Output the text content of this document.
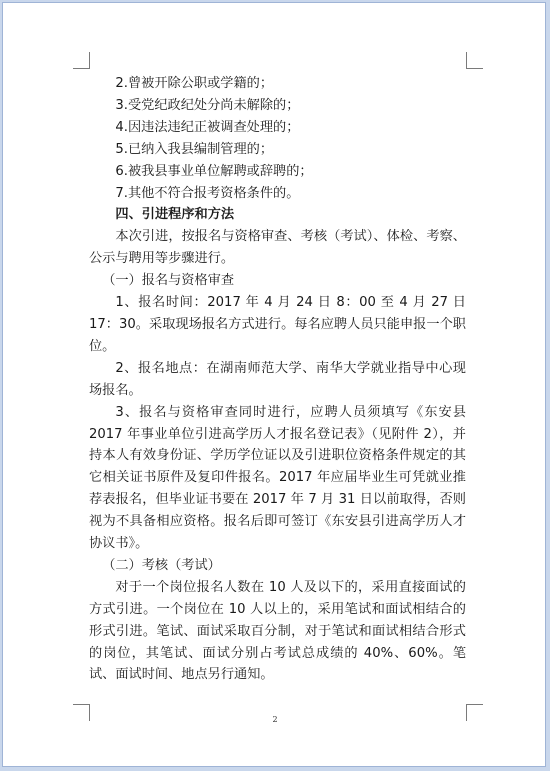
2.曾被开除公职或学籍的；

3.受党纪政纪处分尚未解除的；

4.因违法违纪正被调查处理的；

5.已纳入我县编制管理的；

6.被我县事业单位解聘或辞聘的；

7.其他不符合报考资格条件的。

四、引进程序和方法

本次引进，按报名与资格审查、考核（考试）、体检、考察、公示与聘用等步骤进行。

（一）报名与资格审查

1、报名时间：2017 年 4 月 24 日 8：00 至 4 月 27 日 17：30。采取现场报名方式进行。每名应聘人员只能申报一个职位。

2、报名地点：在湖南师范大学、南华大学就业指导中心现场报名。

3、报名与资格审查同时进行，应聘人员须填写《东安县 2017 年事业单位引进高学历人才报名登记表》（见附件 2），并持本人有效身份证、学历学位证以及引进职位资格条件规定的其它相关证书原件及复印件报名。2017 年应届毕业生可凭就业推荐表报名，但毕业证书要在 2017 年 7 月 31 日以前取得，否则视为不具备相应资格。报名后即可签订《东安县引进高学历人才协议书》。

（二）考核（考试）

对于一个岗位报名人数在 10 人及以下的，采用直接面试的方式引进。一个岗位在 10 人以上的，采用笔试和面试相结合的形式引进。笔试、面试采取百分制，对于笔试和面试相结合形式的岗位，其笔试、面试分别占考试总成绩的 40%、60%。笔试、面试时间、地点另行通知。

2
